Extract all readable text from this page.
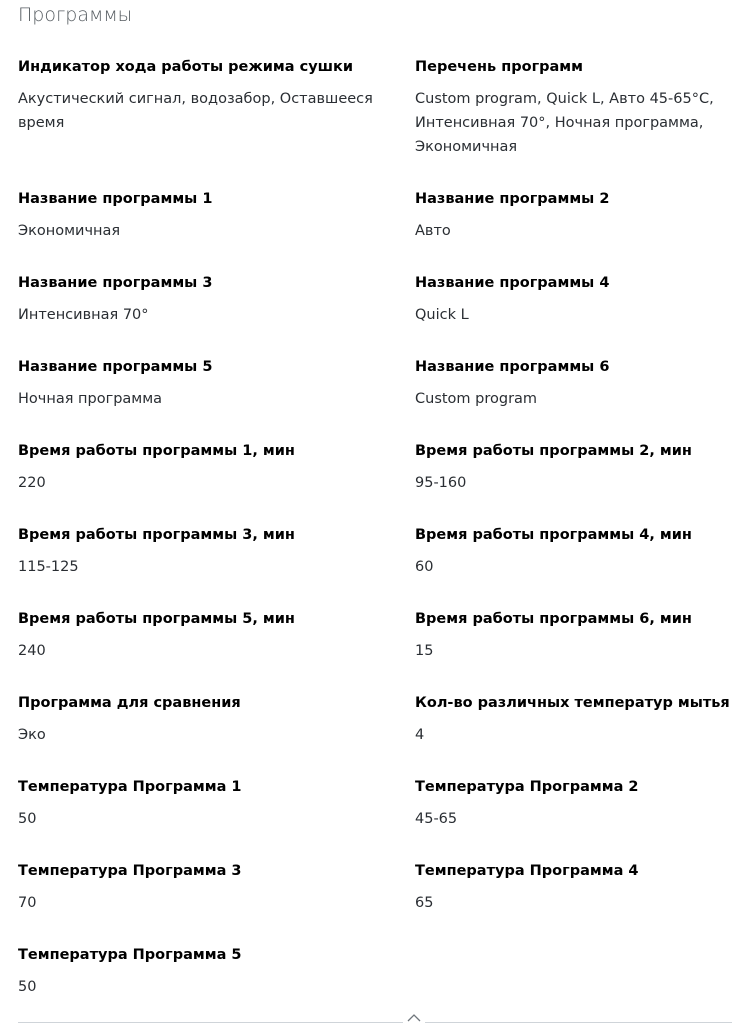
Программы
Индикатор хода работы режима сушки
Акустический сигнал, водозабор, Оставшееся время
Перечень программ
Custom program, Quick L, Авто 45-65°C, Интенсивная 70°, Ночная программа, Экономичная
Название программы 1
Экономичная
Название программы 2
Авто
Название программы 3
Интенсивная 70°
Название программы 4
Quick L
Название программы 5
Ночная программа
Название программы 6
Custom program
Время работы программы 1, мин
220
Время работы программы 2, мин
95-160
Время работы программы 3, мин
115-125
Время работы программы 4, мин
60
Время работы программы 5, мин
240
Время работы программы 6, мин
15
Программа для сравнения
Эко
Кол-во различных температур мытья
4
Температура Программа 1
50
Температура Программа 2
45-65
Температура Программа 3
70
Температура Программа 4
65
Температура Программа 5
50
